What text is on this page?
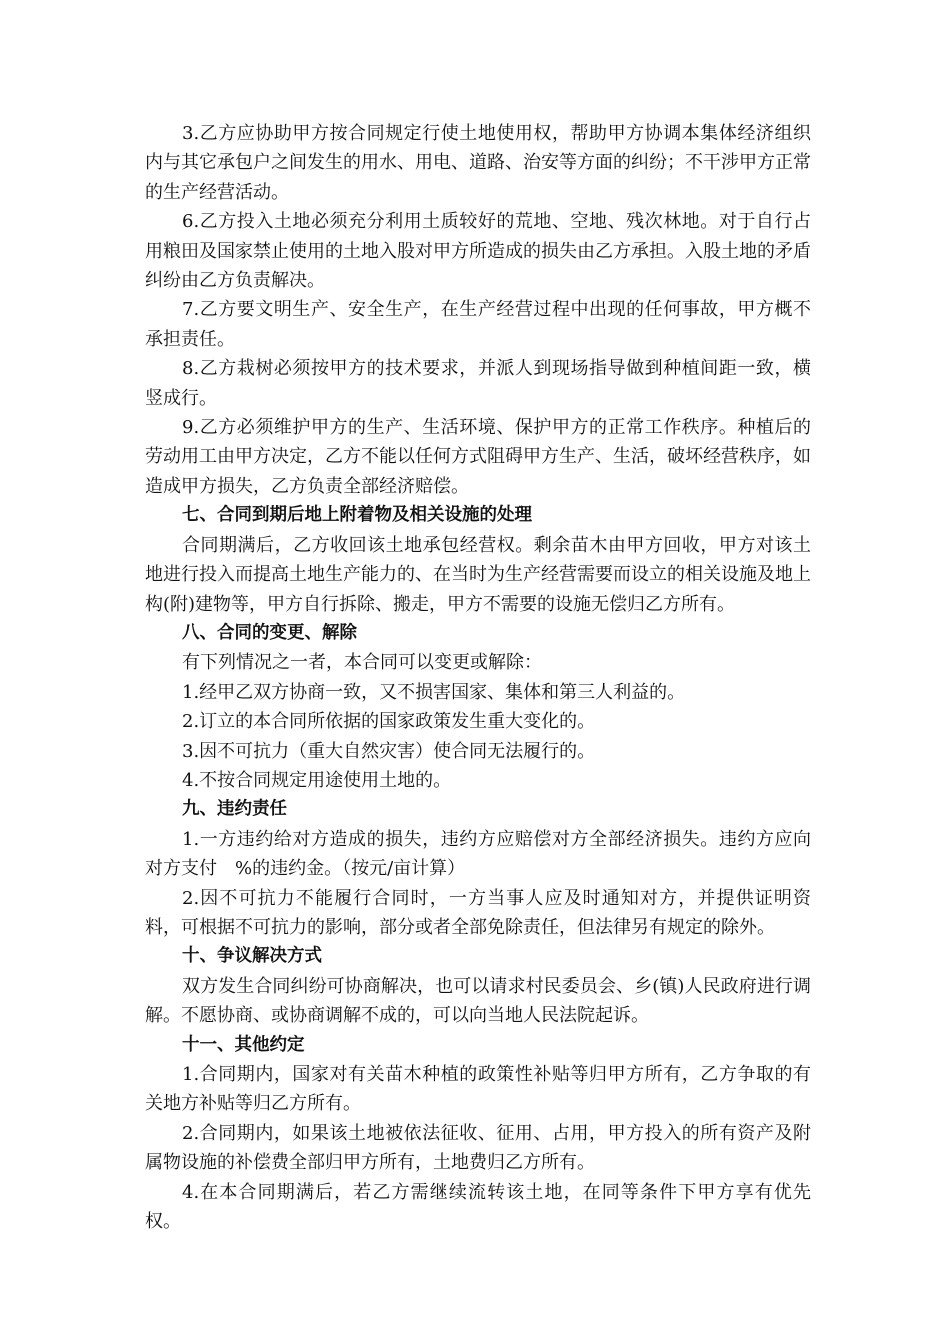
3.乙方应协助甲方按合同规定行使土地使用权，帮助甲方协调本集体经济组织内与其它承包户之间发生的用水、用电、道路、治安等方面的纠纷；不干涉甲方正常的生产经营活动。

6.乙方投入土地必须充分利用土质较好的荒地、空地、残次林地。对于自行占用粮田及国家禁止使用的土地入股对甲方所造成的损失由乙方承担。入股土地的矛盾纠纷由乙方负责解决。

7.乙方要文明生产、安全生产，在生产经营过程中出现的任何事故，甲方概不承担责任。

8.乙方栽树必须按甲方的技术要求，并派人到现场指导做到种植间距一致，横竖成行。

9.乙方必须维护甲方的生产、生活环境、保护甲方的正常工作秩序。种植后的劳动用工由甲方决定，乙方不能以任何方式阻碍甲方生产、生活，破坏经营秩序，如造成甲方损失，乙方负责全部经济赔偿。

七、合同到期后地上附着物及相关设施的处理

合同期满后，乙方收回该土地承包经营权。剩余苗木由甲方回收，甲方对该土地进行投入而提高土地生产能力的、在当时为生产经营需要而设立的相关设施及地上构(附)建物等，甲方自行拆除、搬走，甲方不需要的设施无偿归乙方所有。

八、合同的变更、解除

有下列情况之一者，本合同可以变更或解除：

1.经甲乙双方协商一致，又不损害国家、集体和第三人利益的。

2.订立的本合同所依据的国家政策发生重大变化的。

3.因不可抗力（重大自然灾害）使合同无法履行的。

4.不按合同规定用途使用土地的。

九、违约责任

1.一方违约给对方造成的损失，违约方应赔偿对方全部经济损失。违约方应向对方支付　%的违约金。（按元/亩计算）

2.因不可抗力不能履行合同时，一方当事人应及时通知对方，并提供证明资料，可根据不可抗力的影响，部分或者全部免除责任，但法律另有规定的除外。

十、争议解决方式

双方发生合同纠纷可协商解决，也可以请求村民委员会、乡(镇)人民政府进行调解。不愿协商、或协商调解不成的，可以向当地人民法院起诉。

十一、其他约定

1.合同期内，国家对有关苗木种植的政策性补贴等归甲方所有，乙方争取的有关地方补贴等归乙方所有。

2.合同期内，如果该土地被依法征收、征用、占用，甲方投入的所有资产及附属物设施的补偿费全部归甲方所有，土地费归乙方所有。

4.在本合同期满后，若乙方需继续流转该土地，在同等条件下甲方享有优先权。
